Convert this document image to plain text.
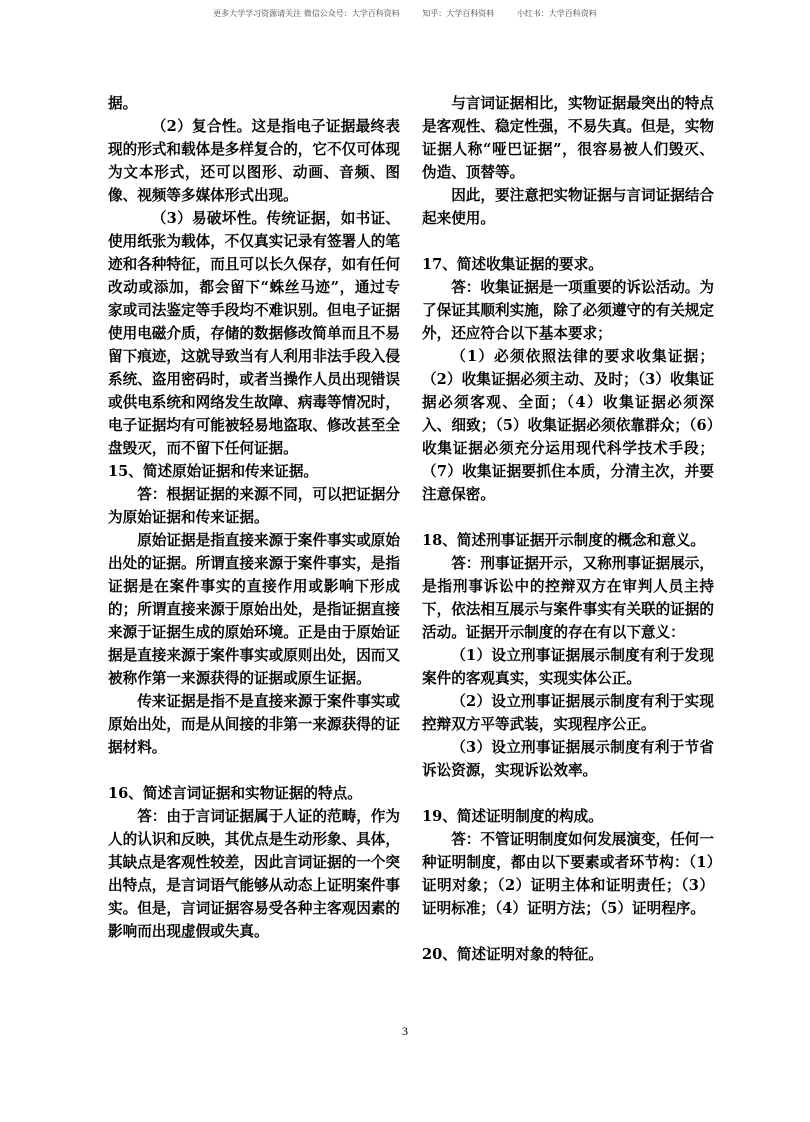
更多大学学习资源请关注 微信公众号：大学百科资料	知乎：大学百科资料	小红书：大学百科资料

据。

（2）复合性。这是指电子证据最终表现的形式和载体是多样复合的，它不仅可体现为文本形式，还可以图形、动画、音频、图像、视频等多媒体形式出现。

（3）易破坏性。传统证据，如书证、使用纸张为载体，不仅真实记录有签署人的笔迹和各种特征，而且可以长久保存，如有任何改动或添加，都会留下“蛛丝马迹”，通过专家或司法鉴定等手段均不难识别。但电子证据使用电磁介质，存储的数据修改简单而且不易留下痕迹，这就导致当有人利用非法手段入侵系统、盗用密码时，或者当操作人员出现错误或供电系统和网络发生故障、病毒等情况时，电子证据均有可能被轻易地盗取、修改甚至全盘毁灭，而不留下任何证据。

15、简述原始证据和传来证据。

答：根据证据的来源不同，可以把证据分为原始证据和传来证据。

原始证据是指直接来源于案件事实或原始出处的证据。所谓直接来源于案件事实，是指证据是在案件事实的直接作用或影响下形成的；所谓直接来源于原始出处，是指证据直接来源于证据生成的原始环境。正是由于原始证据是直接来源于案件事实或原则出处，因而又被称作第一来源获得的证据或原生证据。

传来证据是指不是直接来源于案件事实或原始出处，而是从间接的非第一来源获得的证据材料。

16、简述言词证据和实物证据的特点。

答：由于言词证据属于人证的范畴，作为人的认识和反映，其优点是生动形象、具体，其缺点是客观性较差，因此言词证据的一个突出特点，是言词语气能够从动态上证明案件事实。但是，言词证据容易受各种主客观因素的影响而出现虚假或失真。

与言词证据相比，实物证据最突出的特点是客观性、稳定性强，不易失真。但是，实物证据人称“哑巴证据”，很容易被人们毁灭、伪造、顶替等。

因此，要注意把实物证据与言词证据结合起来使用。

17、简述收集证据的要求。

答：收集证据是一项重要的诉讼活动。为了保证其顺利实施，除了必须遵守的有关规定外，还应符合以下基本要求；

（1）必须依照法律的要求收集证据；（2）收集证据必须主动、及时；（3）收集证据必须客观、全面；（4）收集证据必须深入、细致；（5）收集证据必须依靠群众；（6）收集证据必须充分运用现代科学技术手段；（7）收集证据要抓住本质，分清主次，并要注意保密。

18、简述刑事证据开示制度的概念和意义。

答：刑事证据开示，又称刑事证据展示，是指刑事诉讼中的控辩双方在审判人员主持下，依法相互展示与案件事实有关联的证据的活动。证据开示制度的存在有以下意义：

（1）设立刑事证据展示制度有利于发现案件的客观真实，实现实体公正。

（2）设立刑事证据展示制度有利于实现控辩双方平等武装，实现程序公正。

（3）设立刑事证据展示制度有利于节省诉讼资源，实现诉讼效率。

19、简述证明制度的构成。

答：不管证明制度如何发展演变，任何一种证明制度，都由以下要素或者环节构：（1）证明对象；（2）证明主体和证明责任；（3）证明标准；（4）证明方法；（5）证明程序。

20、简述证明对象的特征。

3
